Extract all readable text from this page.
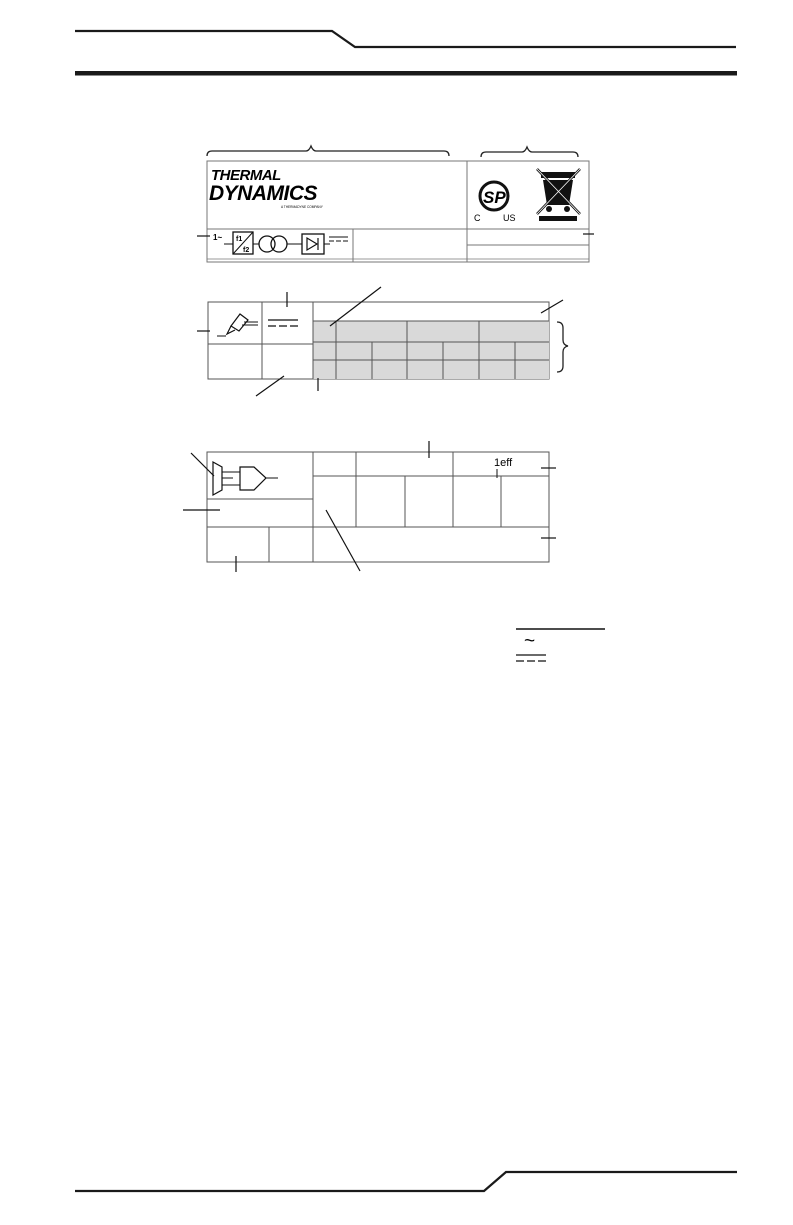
THERMAL
DYNAMICS
A THERMADYNE COMPANY	SP
C	US
1~ f1
f2
1eff
~
